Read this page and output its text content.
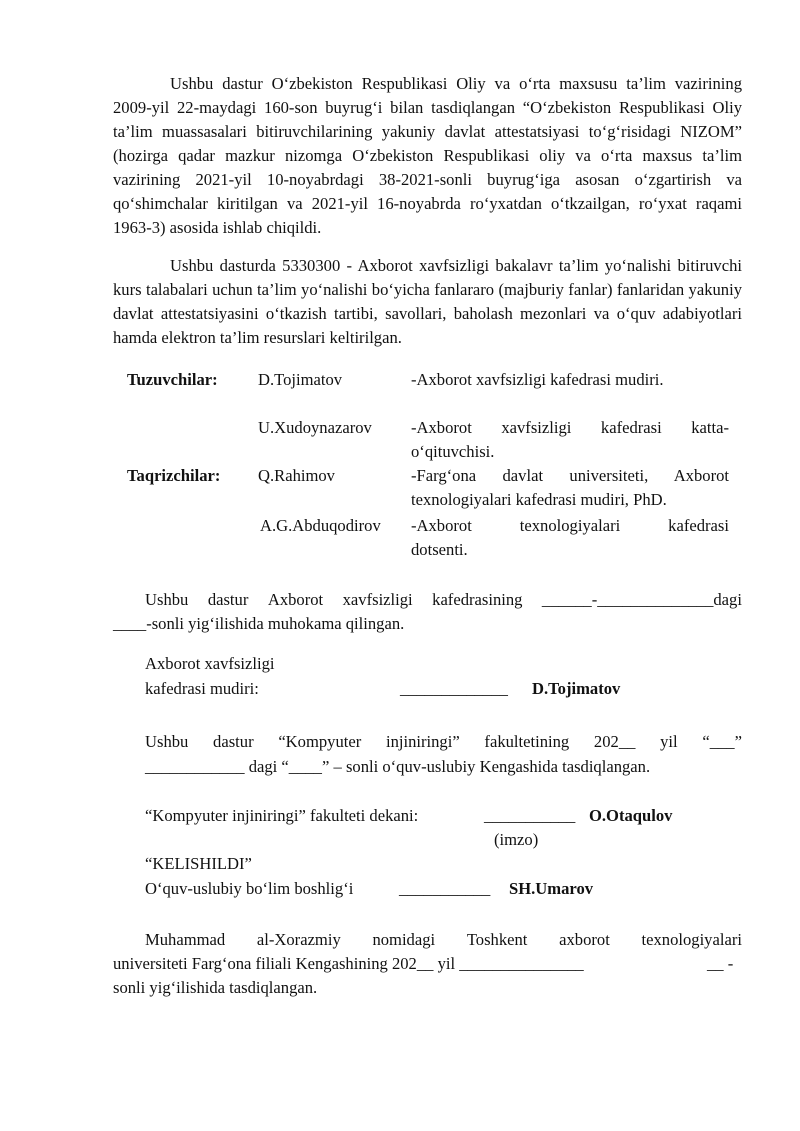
Ushbu dastur O‘zbekiston Respublikasi Oliy va o‘rta maxsusu ta’lim vazirining 2009-yil 22-maydagi 160-son buyrug‘i bilan tasdiqlangan “O‘zbekiston Respublikasi Oliy ta’lim muassasalari bitiruvchilarining yakuniy davlat attestatsiyasi to‘g‘risidagi NIZOM” (hozirga qadar mazkur nizomga O‘zbekiston Respublikasi oliy va o‘rta maxsus ta’lim vazirining 2021-yil 10-noyabrdagi 38-2021-sonli buyrug‘iga asosan o‘zgartirish va qo‘shimchalar kiritilgan va 2021-yil 16-noyabrda ro‘yxatdan o‘tkzailgan, ro‘yxat raqami 1963-3) asosida ishlab chiqildi.

Ushbu dasturda 5330300 - Axborot xavfsizligi bakalavr ta’lim yo‘nalishi bitiruvchi kurs talabalari uchun ta’lim yo‘nalishi bo‘yicha fanlararo (majburiy fanlar) fanlaridan yakuniy davlat attestatsiyasini o‘tkazish tartibi, savollari, baholash mezonlari va o‘quv adabiyotlari hamda elektron ta’lim resurslari keltirilgan.

Tuzuvchilar: D.Tojimatov	-Axborot xavfsizligi kafedrasi mudiri.
U.Xudoynazarov -Axborot xavfsizligi kafedrasi katta-
o‘qituvchisi.
Taqrizchilar: Q.Rahimov	-Farg‘ona davlat universiteti, Axborot
texnologiyalari kafedrasi mudiri, PhD.
A.G.Abduqodirov -Axborot texnologiyalari kafedrasi
dotsenti.
Ushbu dastur Axborot xavfsizligi kafedrasining ______-______________dagi
____-sonli yig‘ilishida muhokama qilingan.
Axborot xavfsizligi
kafedrasi mudiri:	_____________ D.Tojimatov
Ushbu dastur “Kompyuter injiniringi” fakultetining 202__ yil “___”
____________ dagi “____” – sonli o‘quv-uslubiy Kengashida tasdiqlangan.
“Kompyuter injiniringi” fakulteti dekani:	___________ O.Otaqulov
(imzo)
“KELISHILDI”
O‘quv-uslubiy bo‘lim boshlig‘i	___________ SH.Umarov
Muhammad al-Xorazmiy nomidagi Toshkent axborot texnologiyalari
universiteti Farg‘ona filiali Kengashining 202__ yil _______________	__ -
sonli yig‘ilishida tasdiqlangan.
